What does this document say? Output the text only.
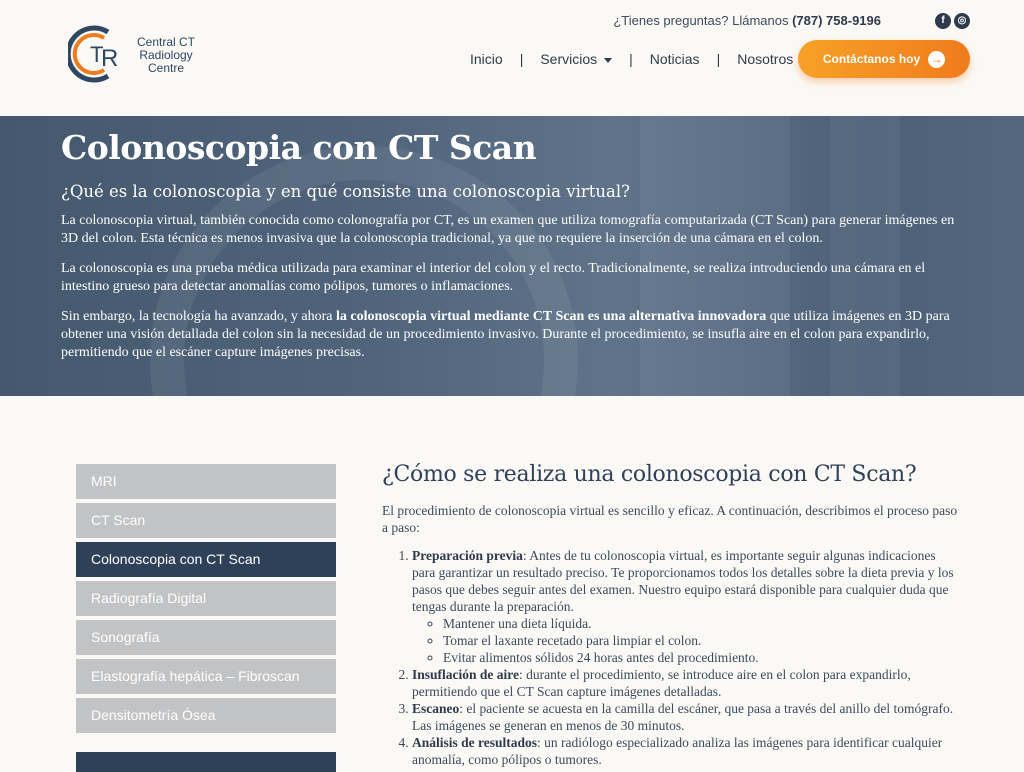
T
R
Central CT
Radiology
Centre
¿Tienes preguntas? Llámanos (787) 758-9196	f	◎
Inicio | Servicios	| Noticias | Nosotros Contáctanos hoy →
Colonoscopia con CT Scan
¿Qué es la colonoscopia y en qué consiste una colonoscopia virtual?

La colonoscopia virtual, también conocida como colonografía por CT, es un examen que utiliza tomografía computarizada (CT Scan) para generar imágenes en 3D del colon. Esta técnica es menos invasiva que la colonoscopia tradicional, ya que no requiere la inserción de una cámara en el colon.

La colonoscopia es una prueba médica utilizada para examinar el interior del colon y el recto. Tradicionalmente, se realiza introduciendo una cámara en el intestino grueso para detectar anomalías como pólipos, tumores o inflamaciones.

Sin embargo, la tecnología ha avanzado, y ahora la colonoscopia virtual mediante CT Scan es una alternativa innovadora que utiliza imágenes en 3D para obtener una visión detallada del colon sin la necesidad de un procedimiento invasivo. Durante el procedimiento, se insufla aire en el colon para expandirlo, permitiendo que el escáner capture imágenes precisas.

MRI
CT Scan
Colonoscopia con CT Scan
Radiografía Digital
Sonografía
Elastografía hepática – Fibroscan
Densitometría Ósea
¿Cómo se realiza una colonoscopia con CT Scan?

El procedimiento de colonoscopia virtual es sencillo y eficaz. A continuación, describimos el proceso paso a paso:

1. Preparación previa: Antes de tu colonoscopia virtual, es importante seguir algunas indicaciones para garantizar un resultado preciso. Te proporcionamos todos los detalles sobre la dieta previa y los pasos que debes seguir antes del examen. Nuestro equipo estará disponible para cualquier duda que tengas durante la preparación.
◦ Mantener una dieta líquida.
◦ Tomar el laxante recetado para limpiar el colon.
◦ Evitar alimentos sólidos 24 horas antes del procedimiento.
2. Insuflación de aire: durante el procedimiento, se introduce aire en el colon para expandirlo, permitiendo que el CT Scan capture imágenes detalladas.
3. Escaneo: el paciente se acuesta en la camilla del escáner, que pasa a través del anillo del tomógrafo. Las imágenes se generan en menos de 30 minutos.
4. Análisis de resultados: un radiólogo especializado analiza las imágenes para identificar cualquier anomalía, como pólipos o tumores.
